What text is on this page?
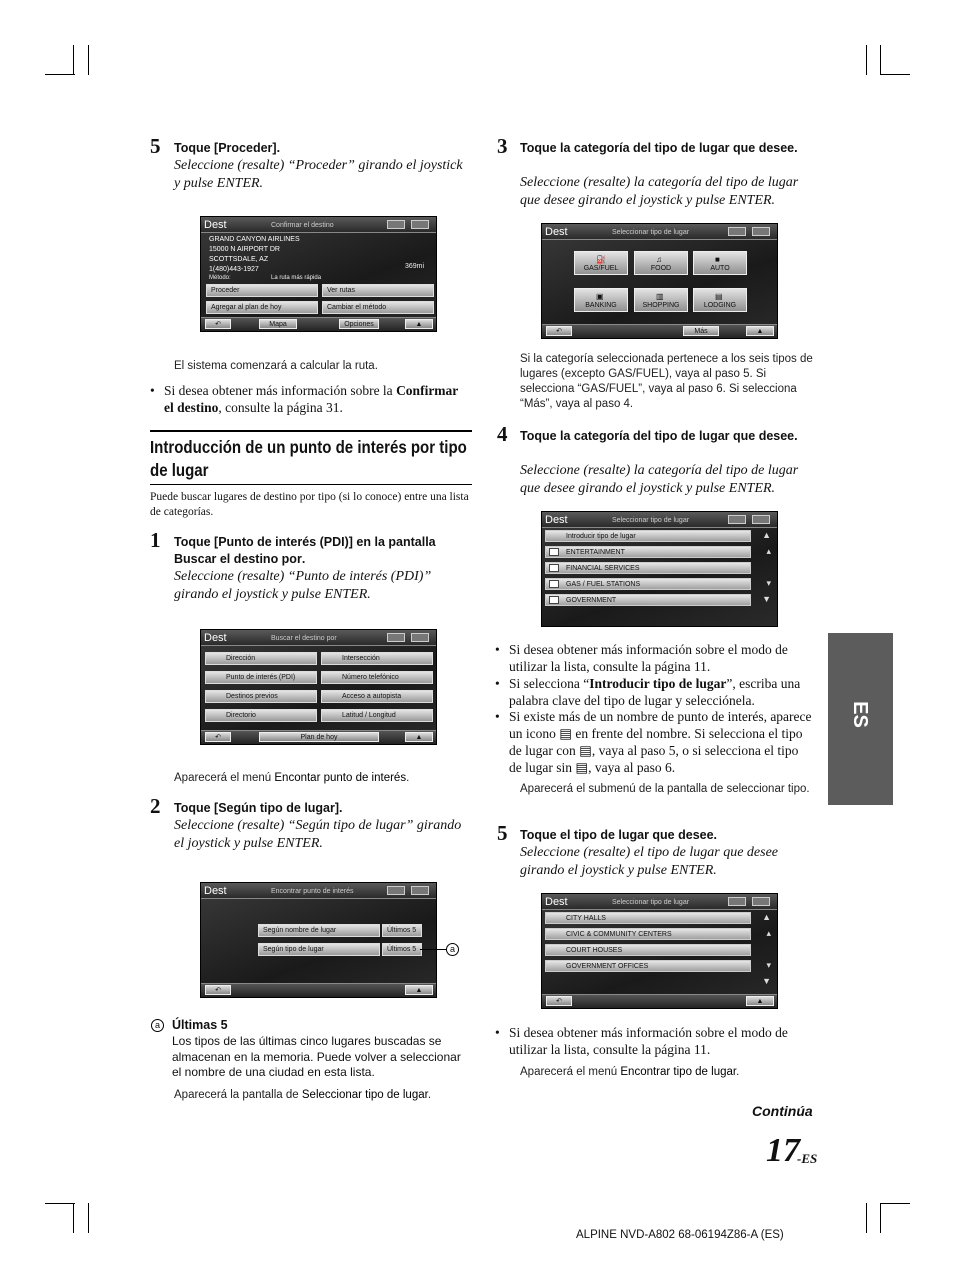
5 Toque [Proceder].
Seleccione (resalte) “Proceder” girando el joystick y pulse ENTER.
Dest	Confirmar el destino
GRAND CANYON AIRLINES
15000 N AIRPORT DR
SCOTTSDALE, AZ
1(480)443-1927	369mi
Método:	La ruta más rápida
Proceder	Ver rutas
Agregar al plan de hoy	Cambiar el método
↶	Mapa	Opciones	▲
El sistema comenzará a calcular la ruta.
• Si desea obtener más información sobre la Confirmar el destino, consulte la página 31.
Introducción de un punto de interés por tipo de lugar
Puede buscar lugares de destino por tipo (si lo conoce) entre una lista de categorías.
1 Toque [Punto de interés (PDI)] en la pantalla Buscar el destino por.
Seleccione (resalte) “Punto de interés (PDI)” girando el joystick y pulse ENTER.
Dest	Buscar el destino por
Dirección	Intersección
Punto de interés (PDI)	Número telefónico
Destinos previos	Acceso a autopista
Directorio	Latitud / Longitud
↶	Plan de hoy	▲
Aparecerá el menú Encontar punto de interés.
2 Toque [Según tipo de lugar].
Seleccione (resalte) “Según tipo de lugar” girando el joystick y pulse ENTER.
Dest	Encontrar punto de interés
Según nombre de lugar	Últimos 5
Según tipo de lugar	Últimos 5
↶	▲
a
a Últimas 5
Los tipos de las últimas cinco lugares buscadas se almacenan en la memoria. Puede volver a seleccionar el nombre de una ciudad en esta lista.
Aparecerá la pantalla de Seleccionar tipo de lugar.
3 Toque la categoría del tipo de lugar que desee.
Seleccione (resalte) la categoría del tipo de lugar que desee girando el joystick y pulse ENTER.
Dest	Seleccionar tipo de lugar
⛽
GAS/FUEL
♫
FOOD
■
AUTO
▣
BANKING
▥
SHOPPING
▤
LODGING
↶	Más	▲
Si la categoría seleccionada pertenece a los seis tipos de lugares (excepto GAS/FUEL), vaya al paso 5. Si selecciona “GAS/FUEL”, vaya al paso 6. Si selecciona “Más”, vaya al paso 4.
4 Toque la categoría del tipo de lugar que desee.
Seleccione (resalte) la categoría del tipo de lugar que desee girando el joystick y pulse ENTER.
Dest	Seleccionar tipo de lugar
Introducir tipo de lugar
ENTERTAINMENT
FINANCIAL SERVICES
GAS / FUEL STATIONS
GOVERNMENT
▲
▴
▾
▼
• Si desea obtener más información sobre el modo de utilizar la lista, consulte la página 11.
• Si selecciona “Introducir tipo de lugar”, escriba una palabra clave del tipo de lugar y selecciónela.
• Si existe más de un nombre de punto de interés, aparece un icono ▤ en frente del nombre. Si selecciona el tipo de lugar con ▤, vaya al paso 5, o si selecciona el tipo de lugar sin ▤, vaya al paso 6.
Aparecerá el submenú de la pantalla de seleccionar tipo.
5 Toque el tipo de lugar que desee.
Seleccione (resalte) el tipo de lugar que desee girando el joystick y pulse ENTER.
Dest	Seleccionar tipo de lugar
CITY HALLS
CIVIC & COMMUNITY CENTERS
COURT HOUSES
GOVERNMENT OFFICES
▲
▴
▾
▼
↶	▲
• Si desea obtener más información sobre el modo de utilizar la lista, consulte la página 11.
Aparecerá el menú Encontrar tipo de lugar.
Continúa
17
-ES
ES
ALPINE NVD-A802 68-06194Z86-A (ES)
